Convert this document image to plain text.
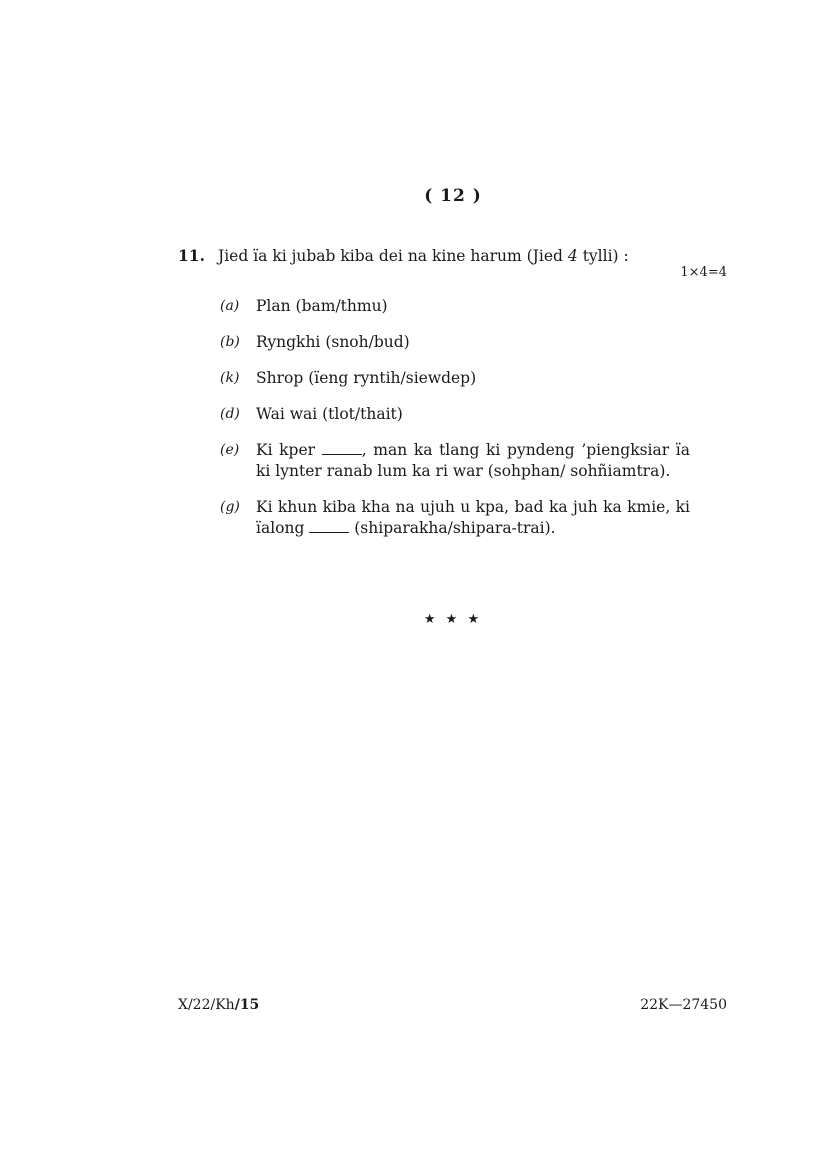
( 12 )
11. Jied ïa ki jubab kiba dei na kine harum (Jied 4 tylli) :
1×4=4
(a)	Plan (bam/thmu)
(b)	Ryngkhi (snoh/bud)
(k)	Shrop (ïeng ryntih/siewdep)
(d)	Wai wai (tlot/thait)
(e)	Ki kper	, man ka tlang ki pyndeng ’piengksiar ïa ki lynter ranab lum ka ri war (sohphan/ sohñiamtra).
(g)	Ki khun kiba kha na ujuh u kpa, bad ka juh ka kmie, ki ïalong	(shiparakha/shipara-trai).
★ ★ ★
X/22/Kh/15	22K—27450
